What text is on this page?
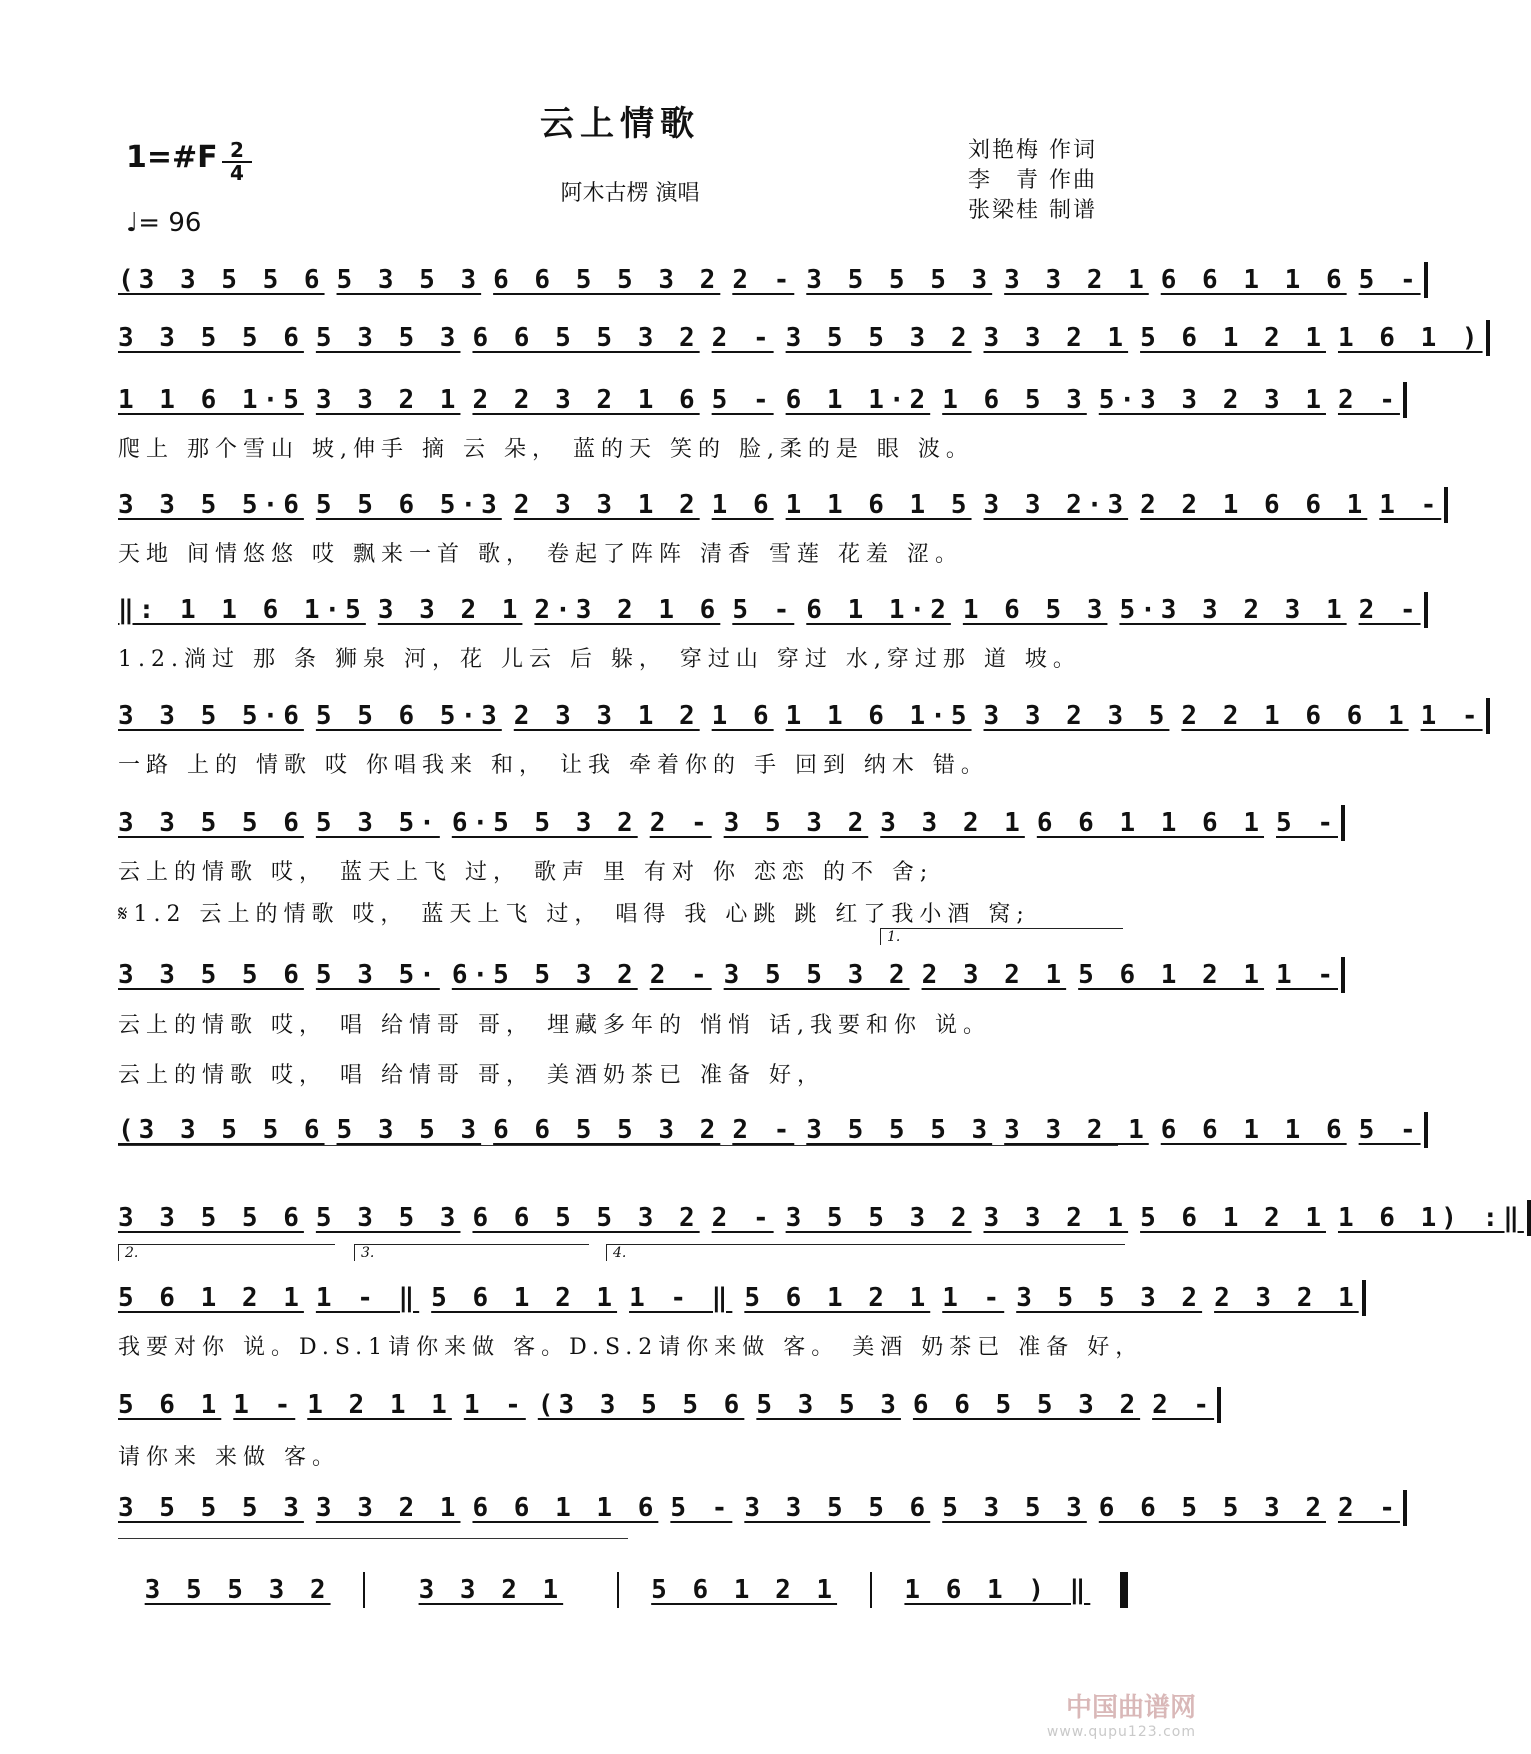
云上情歌
1=#F 2
4
♩= 96
阿木古楞 演唱
刘艳梅 作词
李　青 作曲
张梁桂 制谱
(3 3 5 5 6 5 3 5 3 6 6 5 5 3 2 2 - 3 5 5 5 3 3 3 2 1 6 6 1 1 6 5 -
3 3 5 5 6 5 3 5 3 6 6 5 5 3 2 2 - 3 5 5 3 2 3 3 2 1 5 6 1 2 1 1 6 1 )
1 1 6 1·5 3 3 2 1 2 2 3 2 1 6 5 - 6 1 1·2 1 6 5 3 5·3 3 2 3 1 2 -
爬上 那个雪山 坡,伸手 摘 云 朵， 蓝的天 笑的 脸,柔的是 眼 波。
3 3 5 5·6 5 5 6 5·3 2 3 3 1 2 1 6 1 1 6 1 5 3 3 2·3 2 2 1 6 6 1 1 -
天地 间情悠悠 哎 飘来一首 歌， 卷起了阵阵 清香 雪莲 花羞 涩。
‖: 1 1 6 1·5 3 3 2 1 2·3 2 1 6 5 - 6 1 1·2 1 6 5 3 5·3 3 2 3 1 2 -
1.2.淌过 那 条 狮泉 河，花 儿云 后 躲， 穿过山 穿过 水,穿过那 道 坡。
3 3 5 5·6 5 5 6 5·3 2 3 3 1 2 1 6 1 1 6 1·5 3 3 2 3 5 2 2 1 6 6 1 1 -
一路 上的 情歌 哎 你唱我来 和， 让我 牵着你的 手 回到 纳木 错。
3 3 5 5 6 5 3 5· 6·5 5 3 2 2 - 3 5 3 2 3 3 2 1 6 6 1 1 6 1 5 -
云上的情歌 哎， 蓝天上飞 过， 歌声 里 有对 你 恋恋 的不 舍;
𝄋1.2 云上的情歌 哎， 蓝天上飞 过， 唱得 我 心跳 跳 红了我小酒 窝;
3 3 5 5 6 5 3 5· 6·5 5 3 2 2 - 3 5 5 3 2 2 3 2 1 5 6 1 2 1 1 -
云上的情歌 哎， 唱 给情哥 哥， 埋藏多年的 悄悄 话,我要和你 说。
云上的情歌 哎， 唱 给情哥 哥， 美酒奶茶已 准备 好，
(3 3 5 5 6 5 3 5 3 6 6 5 5 3 2 2 - 3 5 5 5 3 3 3 2 1 6 6 1 1 6 5 -
3 3 5 5 6 5 3 5 3 6 6 5 5 3 2 2 - 3 5 5 3 2 3 3 2 1 5 6 1 2 1 1 6 1) :‖
5 6 1 2 1 1 - ‖ 5 6 1 2 1 1 - ‖ 5 6 1 2 1 1 - 3 5 5 3 2 2 3 2 1
我要对你 说。D.S.1请你来做 客。D.S.2请你来做 客。 美酒 奶茶已 准备 好，
5 6 1 1 - 1 2 1 1 1 - (3 3 5 5 6 5 3 5 3 6 6 5 5 3 2 2 -
请你来 来做 客。
3 5 5 5 3 3 3 2 1 6 6 1 1 6 5 - 3 3 5 5 6 5 3 5 3 6 6 5 5 3 2 2 -
3 5 5 3 2	3 3 2 1	5 6 1 2 1	1 6 1 ) ‖
1.
2.	3.	4.
中国曲谱网
www.qupu123.com
